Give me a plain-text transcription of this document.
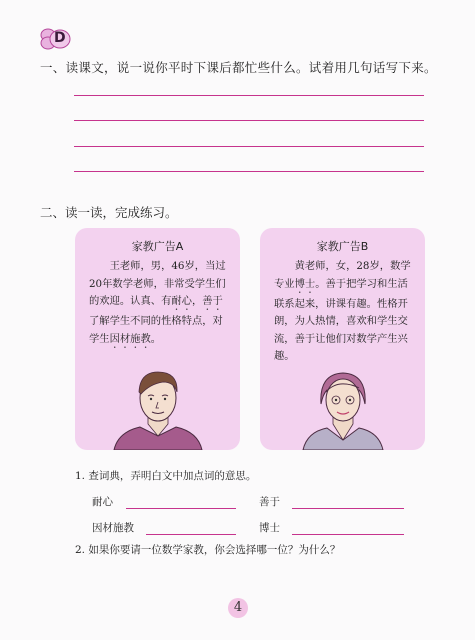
D
一、读课文，说一说你平时下课后都忙些什么。试着用几句话写下来。
二、读一读，完成练习。
家教广告A

王老师，男，46岁，当过20年数学老师，非常受学生们的欢迎。认真、有耐心，善于了解学生不同的性格特点，对学生因材施教。

家教广告B

黄老师，女，28岁，数学专业博士。善于把学习和生活联系起来，讲课有趣。性格开朗，为人热情，喜欢和学生交流，善于让他们对数学产生兴趣。

1. 查词典，弄明白文中加点词的意思。
耐心	善于
因材施教	博士
2. 如果你要请一位数学家教，你会选择哪一位？为什么？
4
